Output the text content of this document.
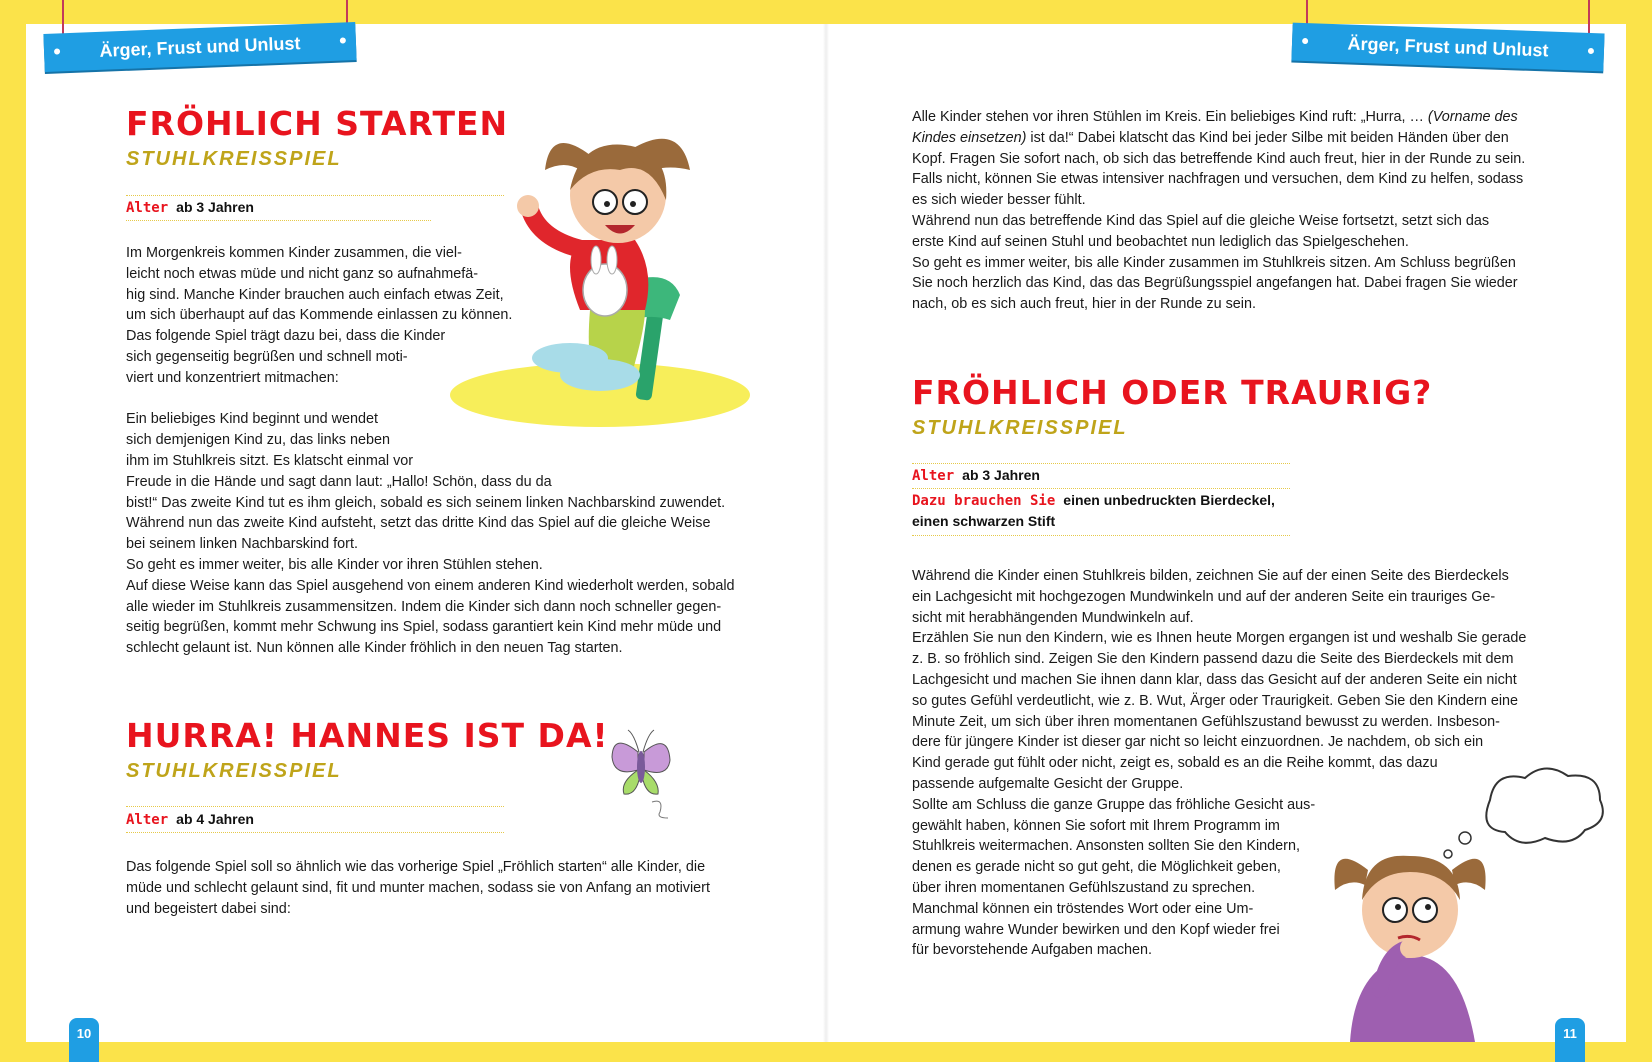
Ärger, Frust und Unlust	Ärger, Frust und Unlust
FRÖHLICH STARTEN
STUHLKREISSPIEL
Alter ab 3 Jahren
Im Morgenkreis kommen Kinder zusammen, die viel-
leicht noch etwas müde und nicht ganz so aufnahmefä-
hig sind. Manche Kinder brauchen auch einfach etwas Zeit,
um sich überhaupt auf das Kommende einlassen zu können.
Das folgende Spiel trägt dazu bei, dass die Kinder
sich gegenseitig begrüßen und schnell moti-
viert und konzentriert mitmachen:

Ein beliebiges Kind beginnt und wendet
sich demjenigen Kind zu, das links neben
ihm im Stuhlkreis sitzt. Es klatscht einmal vor
Freude in die Hände und sagt dann laut: „Hallo! Schön, dass du da
bist!“ Das zweite Kind tut es ihm gleich, sobald es sich seinem linken Nachbarskind zuwendet.
Während nun das zweite Kind aufsteht, setzt das dritte Kind das Spiel auf die gleiche Weise
bei seinem linken Nachbarskind fort.
So geht es immer weiter, bis alle Kinder vor ihren Stühlen stehen.
Auf diese Weise kann das Spiel ausgehend von einem anderen Kind wiederholt werden, sobald
alle wieder im Stuhlkreis zusammensitzen. Indem die Kinder sich dann noch schneller gegen-
seitig begrüßen, kommt mehr Schwung ins Spiel, sodass garantiert kein Kind mehr müde und
schlecht gelaunt ist. Nun können alle Kinder fröhlich in den neuen Tag starten.
HURRA! HANNES IST DA!
STUHLKREISSPIEL
Alter ab 4 Jahren
Das folgende Spiel soll so ähnlich wie das vorherige Spiel „Fröhlich starten“ alle Kinder, die
müde und schlecht gelaunt sind, fit und munter machen, sodass sie von Anfang an motiviert
und begeistert dabei sind:
Alle Kinder stehen vor ihren Stühlen im Kreis. Ein beliebiges Kind ruft: „Hurra, … (Vorname des
Kindes einsetzen) ist da!“ Dabei klatscht das Kind bei jeder Silbe mit beiden Händen über den
Kopf. Fragen Sie sofort nach, ob sich das betreffende Kind auch freut, hier in der Runde zu sein.
Falls nicht, können Sie etwas intensiver nachfragen und versuchen, dem Kind zu helfen, sodass
es sich wieder besser fühlt.
Während nun das betreffende Kind das Spiel auf die gleiche Weise fortsetzt, setzt sich das
erste Kind auf seinen Stuhl und beobachtet nun lediglich das Spielgeschehen.
So geht es immer weiter, bis alle Kinder zusammen im Stuhlkreis sitzen. Am Schluss begrüßen
Sie noch herzlich das Kind, das das Begrüßungsspiel angefangen hat. Dabei fragen Sie wieder
nach, ob es sich auch freut, hier in der Runde zu sein.
FRÖHLICH ODER TRAURIG?
STUHLKREISSPIEL
Alter ab 3 Jahren
Dazu brauchen Sie einen unbedruckten Bierdeckel,
einen schwarzen Stift
Während die Kinder einen Stuhlkreis bilden, zeichnen Sie auf der einen Seite des Bierdeckels
ein Lachgesicht mit hochgezogen Mundwinkeln und auf der anderen Seite ein trauriges Ge-
sicht mit herabhängenden Mundwinkeln auf.
Erzählen Sie nun den Kindern, wie es Ihnen heute Morgen ergangen ist und weshalb Sie gerade
z. B. so fröhlich sind. Zeigen Sie den Kindern passend dazu die Seite des Bierdeckels mit dem
Lachgesicht und machen Sie ihnen dann klar, dass das Gesicht auf der anderen Seite ein nicht
so gutes Gefühl verdeutlicht, wie z. B. Wut, Ärger oder Traurigkeit. Geben Sie den Kindern eine
Minute Zeit, um sich über ihren momentanen Gefühlszustand bewusst zu werden. Insbeson-
dere für jüngere Kinder ist dieser gar nicht so leicht einzuordnen. Je nachdem, ob sich ein
Kind gerade gut fühlt oder nicht, zeigt es, sobald es an die Reihe kommt, das dazu
passende aufgemalte Gesicht der Gruppe.
Sollte am Schluss die ganze Gruppe das fröhliche Gesicht aus-
gewählt haben, können Sie sofort mit Ihrem Programm im
Stuhlkreis weitermachen. Ansonsten sollten Sie den Kindern,
denen es gerade nicht so gut geht, die Möglichkeit geben,
über ihren momentanen Gefühlszustand zu sprechen.
Manchmal können ein tröstendes Wort oder eine Um-
armung wahre Wunder bewirken und den Kopf wieder frei
für bevorstehende Aufgaben machen.
10	11
